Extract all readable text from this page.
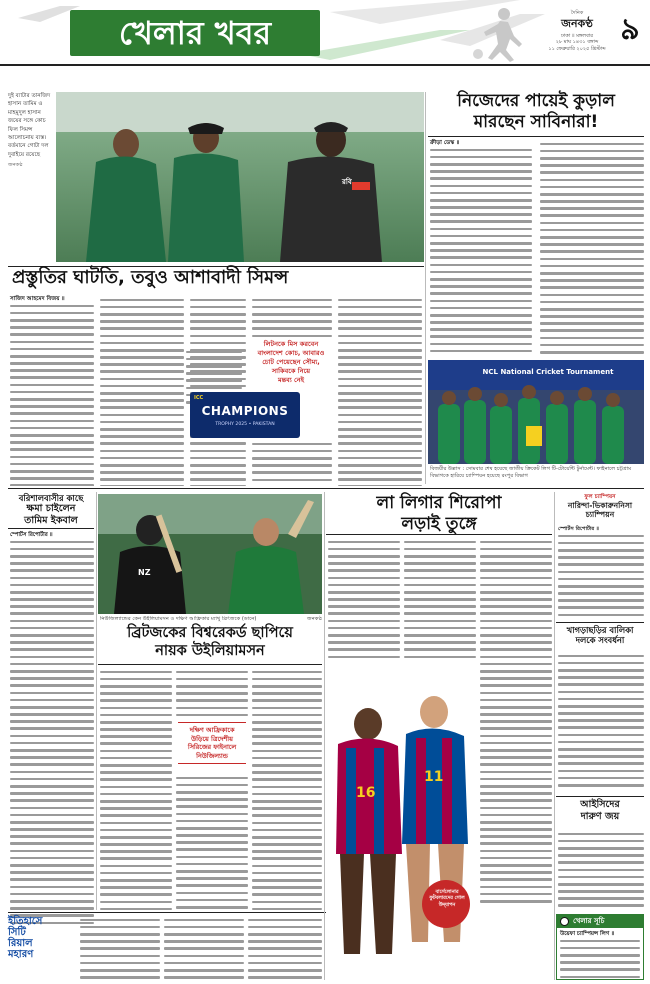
খেলার খবর
দৈনিক
জনকণ্ঠ
ঢাকা ॥ মঙ্গলবার
২৮ মাঘ ১৪৩১ বঙ্গাব্দ
১১ ফেব্রুয়ারি ২০২৫ খ্রিস্টাব্দ
৯
দুই ব্যাটার তানজিদ হাসান তামিম ও মাহমুদুল হাসান জয়ের সঙ্গে কোচ ফিল সিমন্স আলোচনায় ব্যস্ত। বর্তমানে গোটা দল দুবাইয়ে রয়েছে
জনকণ্ঠ
রবি
নিজেদের পায়েই কুড়াল
মারছেন সাবিনারা!
ক্রীড়া ডেস্ক ॥
প্রস্তুতির ঘাটতি, তবুও আশাবাদী সিমন্স
সাজিদ আহমেদ বিজয় ॥
লিটনকে মিস করবেন
বাংলাদেশ কোচ, আবারও
চোট পেয়েছেন সৌম্য,
সাকিবকে নিয়ে
মন্তব্য নেই
ICC
CHAMPIONS
TROPHY 2025 • PAKISTAN
NCL National Cricket Tournament
বিজয়ীর উল্লাস : সোমবার শেষ হয়েছে জাতীয় ক্রিকেট লিগ টি-টোয়েন্টি টুর্নামেন্ট। ফাইনালে চট্টগ্রাম বিভাগকে হারিয়ে চ্যাম্পিয়ন হয়েছে রংপুর বিভাগ
বরিশালবাসীর কাছে
ক্ষমা চাইলেন
তামিম ইকবাল
স্পোর্টস রিপোর্টার ॥
NZ
নিউজিল্যান্ডের কেন উইলিয়ামসন ও দক্ষিণ আফ্রিকার ম্যাথু ব্রিৎজকে (ডানে)	জনকণ্ঠ
ব্রিটজকের বিশ্বরেকর্ড ছাপিয়ে
নায়ক উইলিয়ামসন
দক্ষিণ আফ্রিকাকে উড়িয়ে ত্রিদেশীয় সিরিজের ফাইনালে নিউজিল্যান্ড
লা লিগার শিরোপা
লড়াই তুঙ্গে
16
11
বার্সেলোনার ফুটবলারদের গোল উদ্‌যাপন
ফুল চ্যাম্পিয়ন
নারিন্দা-ভিকারুননিসা
চ্যাম্পিয়ন
স্পোর্টস রিপোর্টার ॥
খাগড়াছড়ির বালিকা
দলকে সংবর্ধনা
আইসিদের
দারুণ জয়
ইতিহাসে
সিটি
রিয়াল
মহারণ
খেলার সূচি
উয়েফা চ্যাম্পিয়ন্স লিগ ॥
